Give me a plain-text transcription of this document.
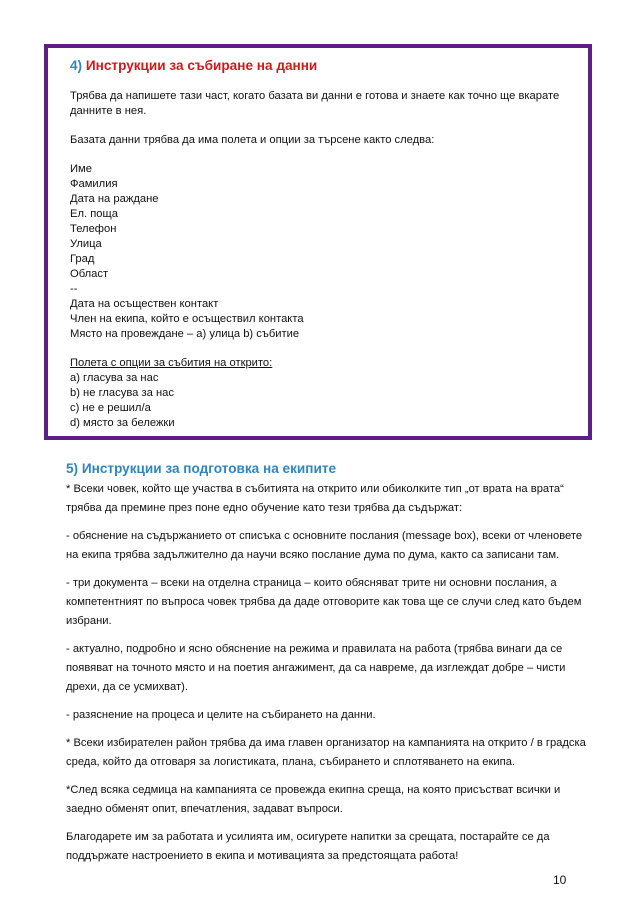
4) Инструкции за събиране на данни

Трябва да напишете тази част, когато базата ви данни е готова и знаете как точно ще вкарате данните в нея.

Базата данни трябва да има полета и опции за търсене както следва:

Име
Фамилия
Дата на раждане
Ел. поща
Телефон
Улица
Град
Област
--
Дата на осъществен контакт
Член на екипа, който е осъществил контакта
Място на провеждане – a) улица b) събитие
Полета с опции за събития на открито:
a) гласува за нас
b) не гласува за нас
c) не е решил/а
d) място за бележки
5) Инструкции за подготовка на екипите

* Всеки човек, който ще участва в събитията на открито или обиколките тип „от врата на врата“ трябва да премине през поне едно обучение като тези трябва да съдържат:

- обяснение на съдържанието от списъка с основните послания (message box), всеки от членовете на екипа трябва задължително да научи всяко послание дума по дума, както са записани там.

- три документа – всеки на отделна страница – които обясняват трите ни основни послания, а компетентният по въпроса човек трябва да даде отговорите как това ще се случи след като бъдем избрани.

- актуално, подробно и ясно обяснение на режима и правилата на работа (трябва винаги да се появяват на точното място и на поетия ангажимент, да са навреме, да изглеждат добре – чисти дрехи, да се усмихват).

- разяснение на процеса и целите на събирането на данни.

* Всеки избирателен район трябва да има главен организатор на кампанията на открито / в градска среда, който да отговаря за логистиката, плана, събирането и сплотяването на екипа.

*След всяка седмица на кампанията се провежда екипна среща, на която присъстват всички и заедно обменят опит, впечатления, задават въпроси.

Благодарете им за работата и усилията им, осигурете напитки за срещата, постарайте се да поддържате настроението в екипа и мотивацията за предстоящата работа!

10
